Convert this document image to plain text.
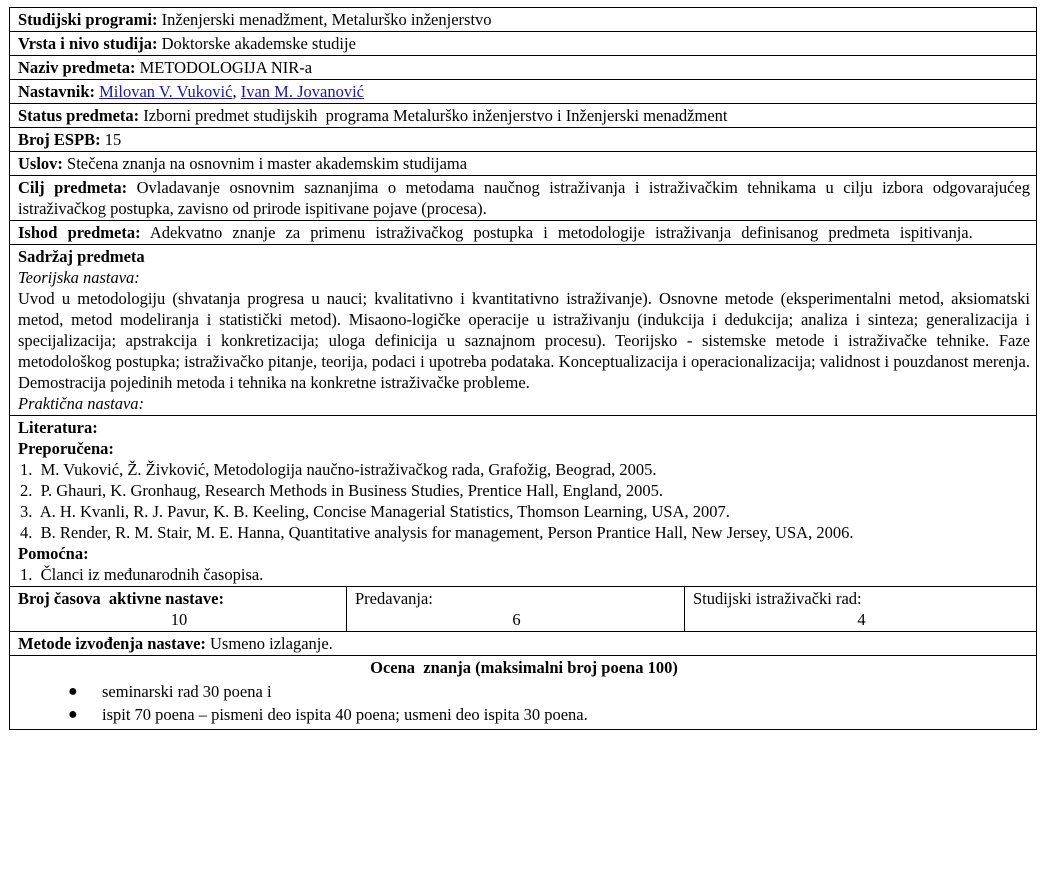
Studijski programi: Inženjerski menadžment, Metalurško inženjerstvo
Vrsta i nivo studija: Doktorske akademske studije
Naziv predmeta: METODOLOGIJA NIR-a
Nastavnik: Milovan V. Vuković, Ivan M. Jovanović
Status predmeta: Izborni predmet studijskih  programa Metalurško inženjerstvo i Inženjerski menadžment
Broj ESPB: 15
Uslov: Stečena znanja na osnovnim i master akademskim studijama
Cilj predmeta: Ovladavanje osnovnim saznanjima o metodama naučnog istraživanja i istraživačkim tehnikama u cilju izbora odgovarajućeg istraživačkog postupka, zavisno od prirode ispitivane pojave (procesa).
Ishod predmeta: Adekvatno znanje za primenu istraživačkog postupka i metodologije istraživanja definisanog predmeta ispitivanja.
Sadržaj predmeta
Teorijska nastava:
Uvod u metodologiju (shvatanja progresa u nauci; kvalitativno i kvantitativno istraživanje). Osnovne metode (eksperimentalni metod, aksiomatski metod, metod modeliranja i statistički metod). Misaono-logičke operacije u istraživanju (indukcija i dedukcija; analiza i sinteza; generalizacija i specijalizacija; apstrakcija i konkretizacija; uloga definicija u saznajnom procesu). Teorijsko - sistemske metode i istraživačke tehnike. Faze metodološkog postupka; istraživačko pitanje, teorija, podaci i upotreba podataka. Konceptualizacija i operacionalizacija; validnost i pouzdanost merenja. Demostracija pojedinih metoda i tehnika na konkretne istraživačke probleme.
Praktična nastava:
Literatura:
Preporučena:
1.  M. Vuković, Ž. Živković, Metodologija naučno-istraživačkog rada, Grafožig, Beograd, 2005.
2.  P. Ghauri, K. Gronhaug, Research Methods in Business Studies, Prentice Hall, England, 2005.
3.  A. H. Kvanli, R. J. Pavur, K. B. Keeling, Concise Managerial Statistics, Thomson Learning, USA, 2007.
4.  B. Render, R. M. Stair, M. E. Hanna, Quantitative analysis for management, Person Prantice Hall, New Jersey, USA, 2006.
Pomoćna:
1.  Članci iz međunarodnih časopisa.
Broj časova  aktivne nastave:
10
Predavanja:
6
Studijski istraživački rad:
4
Metode izvođenja nastave: Usmeno izlaganje.
Ocena  znanja (maksimalni broj poena 100)
● seminarski rad 30 poena i
● ispit 70 poena – pismeni deo ispita 40 poena; usmeni deo ispita 30 poena.
